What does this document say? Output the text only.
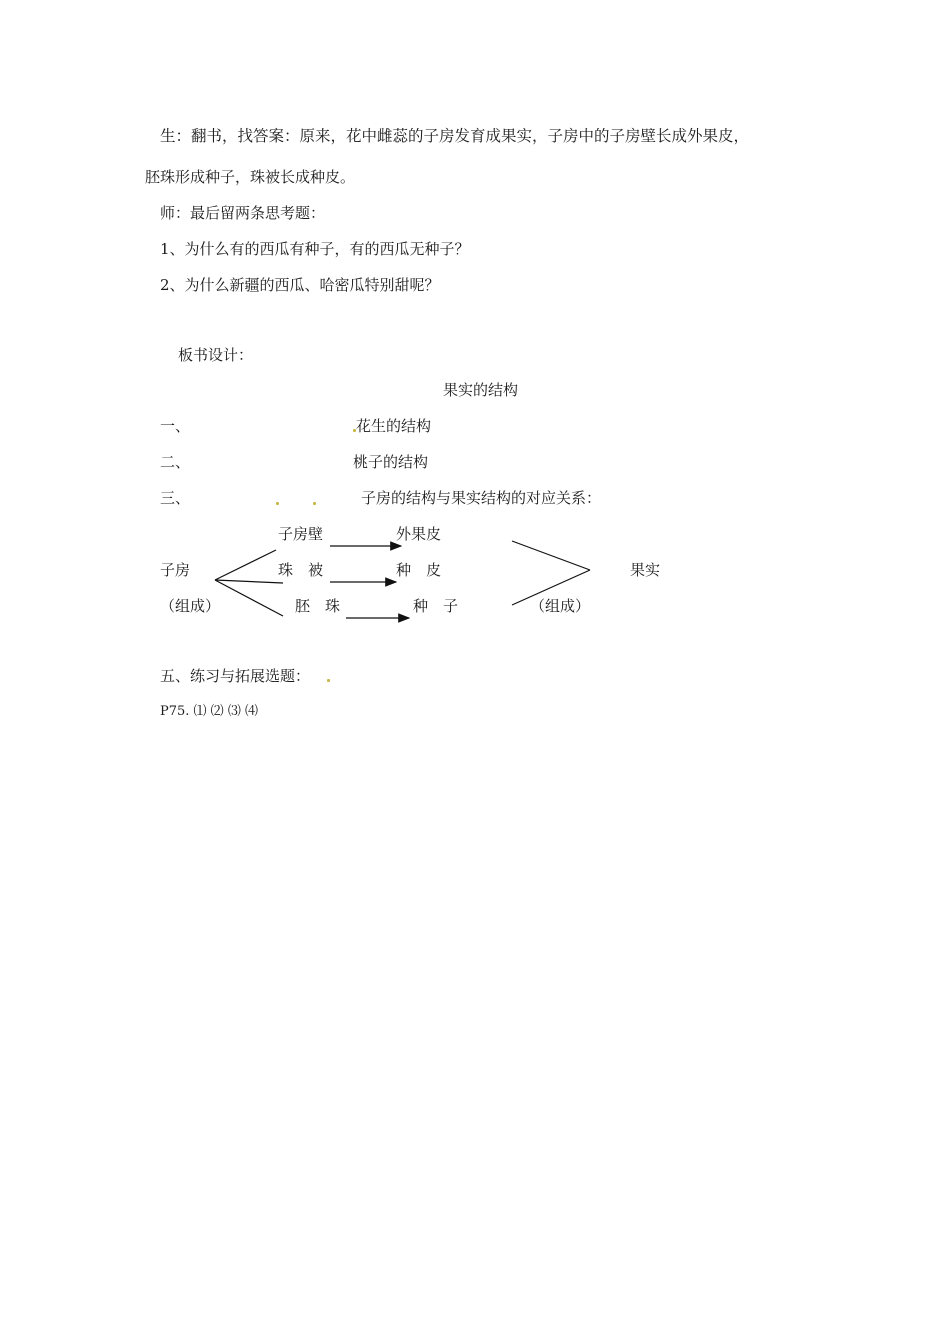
生：翻书，找答案：原来，花中雌蕊的子房发育成果实，子房中的子房壁长成外果皮，
胚珠形成种子，珠被长成种皮。
师：最后留两条思考题：
1、为什么有的西瓜有种子，有的西瓜无种子？
2、为什么新疆的西瓜、哈密瓜特别甜呢？
板书设计：
果实的结构
一、	花生的结构
二、	桃子的结构
三、	子房的结构与果实结构的对应关系：
子房
（组成）
子房壁
珠　被
胚　珠
外果皮
种　皮
种　子
果实
（组成）
五、练习与拓展选题：
P75. ⑴ ⑵ ⑶ ⑷
